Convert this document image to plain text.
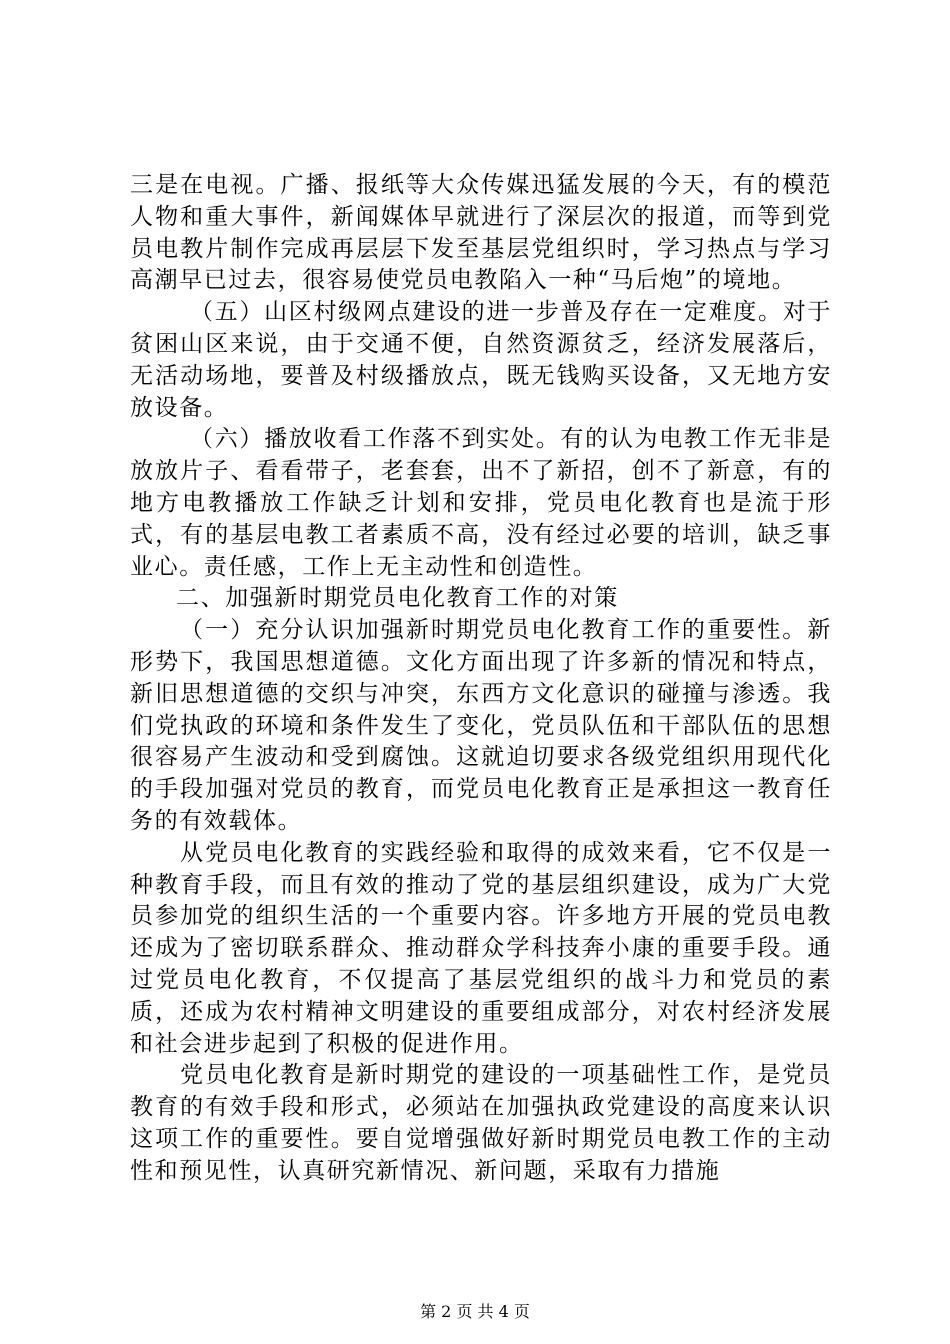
三是在电视。广播、报纸等大众传媒迅猛发展的今天，有的模范人物和重大事件，新闻媒体早就进行了深层次的报道，而等到党员电教片制作完成再层层下发至基层党组织时，学习热点与学习高潮早已过去，很容易使党员电教陷入一种“马后炮”的境地。

（五）山区村级网点建设的进一步普及存在一定难度。对于贫困山区来说，由于交通不便，自然资源贫乏，经济发展落后，无活动场地，要普及村级播放点，既无钱购买设备，又无地方安放设备。

（六）播放收看工作落不到实处。有的认为电教工作无非是放放片子、看看带子，老套套，出不了新招，创不了新意，有的地方电教播放工作缺乏计划和安排，党员电化教育也是流于形式，有的基层电教工者素质不高，没有经过必要的培训，缺乏事业心。责任感，工作上无主动性和创造性。

二、加强新时期党员电化教育工作的对策

（一）充分认识加强新时期党员电化教育工作的重要性。新形势下，我国思想道德。文化方面出现了许多新的情况和特点，新旧思想道德的交织与冲突，东西方文化意识的碰撞与渗透。我们党执政的环境和条件发生了变化，党员队伍和干部队伍的思想很容易产生波动和受到腐蚀。这就迫切要求各级党组织用现代化的手段加强对党员的教育，而党员电化教育正是承担这一教育任务的有效载体。

从党员电化教育的实践经验和取得的成效来看，它不仅是一种教育手段，而且有效的推动了党的基层组织建设，成为广大党员参加党的组织生活的一个重要内容。许多地方开展的党员电教还成为了密切联系群众、推动群众学科技奔小康的重要手段。通过党员电化教育，不仅提高了基层党组织的战斗力和党员的素质，还成为农村精神文明建设的重要组成部分，对农村经济发展和社会进步起到了积极的促进作用。

党员电化教育是新时期党的建设的一项基础性工作，是党员教育的有效手段和形式，必须站在加强执政党建设的高度来认识这项工作的重要性。要自觉增强做好新时期党员电教工作的主动性和预见性，认真研究新情况、新问题，采取有力措施

第 2 页 共 4 页
